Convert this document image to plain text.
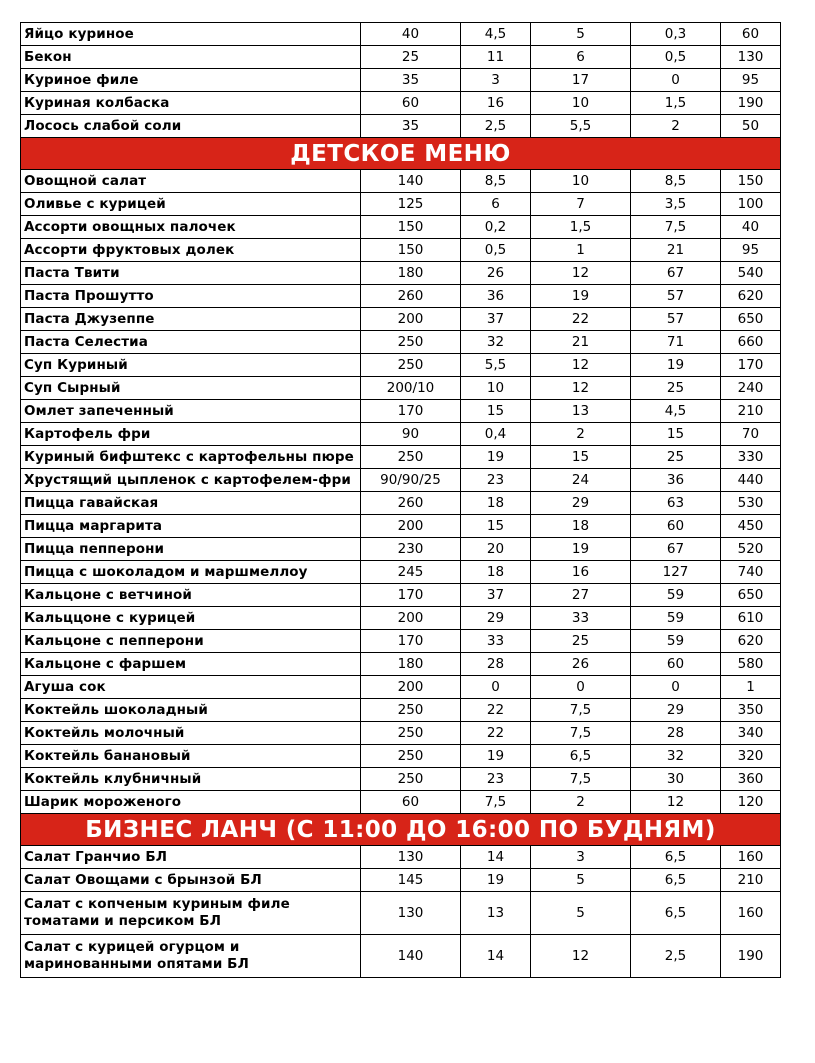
Яйцо куриное	40	4,5	5	0,3	60
Бекон	25	11	6	0,5	130
Куриное филе	35	3	17	0	95
Куриная колбаска	60	16	10	1,5	190
Лосось слабой соли	35	2,5	5,5	2	50
ДЕТСКОЕ МЕНЮ					
Овощной салат	140	8,5	10	8,5	150
Оливье с курицей	125	6	7	3,5	100
Ассорти овощных палочек	150	0,2	1,5	7,5	40
Ассорти фруктовых долек	150	0,5	1	21	95
Паста Твити	180	26	12	67	540
Паста Прошутто	260	36	19	57	620
Паста Джузеппе	200	37	22	57	650
Паста Селестиа	250	32	21	71	660
Суп Куриный	250	5,5	12	19	170
Суп Сырный	200/10	10	12	25	240
Омлет запеченный	170	15	13	4,5	210
Картофель фри	90	0,4	2	15	70
Куриный бифштекс с картофельны пюре	250	19	15	25	330
Хрустящий цыпленок с картофелем-фри	90/90/25	23	24	36	440
Пицца гавайская	260	18	29	63	530
Пицца маргарита	200	15	18	60	450
Пицца пепперони	230	20	19	67	520
Пицца с шоколадом и маршмеллоу	245	18	16	127	740
Кальцоне с ветчиной	170	37	27	59	650
Кальццоне с курицей	200	29	33	59	610
Кальцоне с пепперони	170	33	25	59	620
Кальцоне с фаршем	180	28	26	60	580
Агуша сок	200	0	0	0	1
Коктейль шоколадный	250	22	7,5	29	350
Коктейль молочный	250	22	7,5	28	340
Коктейль банановый	250	19	6,5	32	320
Коктейль клубничный	250	23	7,5	30	360
Шарик мороженого	60	7,5	2	12	120
БИЗНЕС ЛАНЧ (С 11:00 ДО 16:00 ПО БУДНЯМ)					
Салат Гранчио БЛ	130	14	3	6,5	160
Салат Овощами с брынзой БЛ	145	19	5	6,5	210
Салат с копченым куриным филе томатами и персиком БЛ	130	13	5	6,5	160
Салат с курицей огурцом и маринованными опятами БЛ	140	14	12	2,5	190
